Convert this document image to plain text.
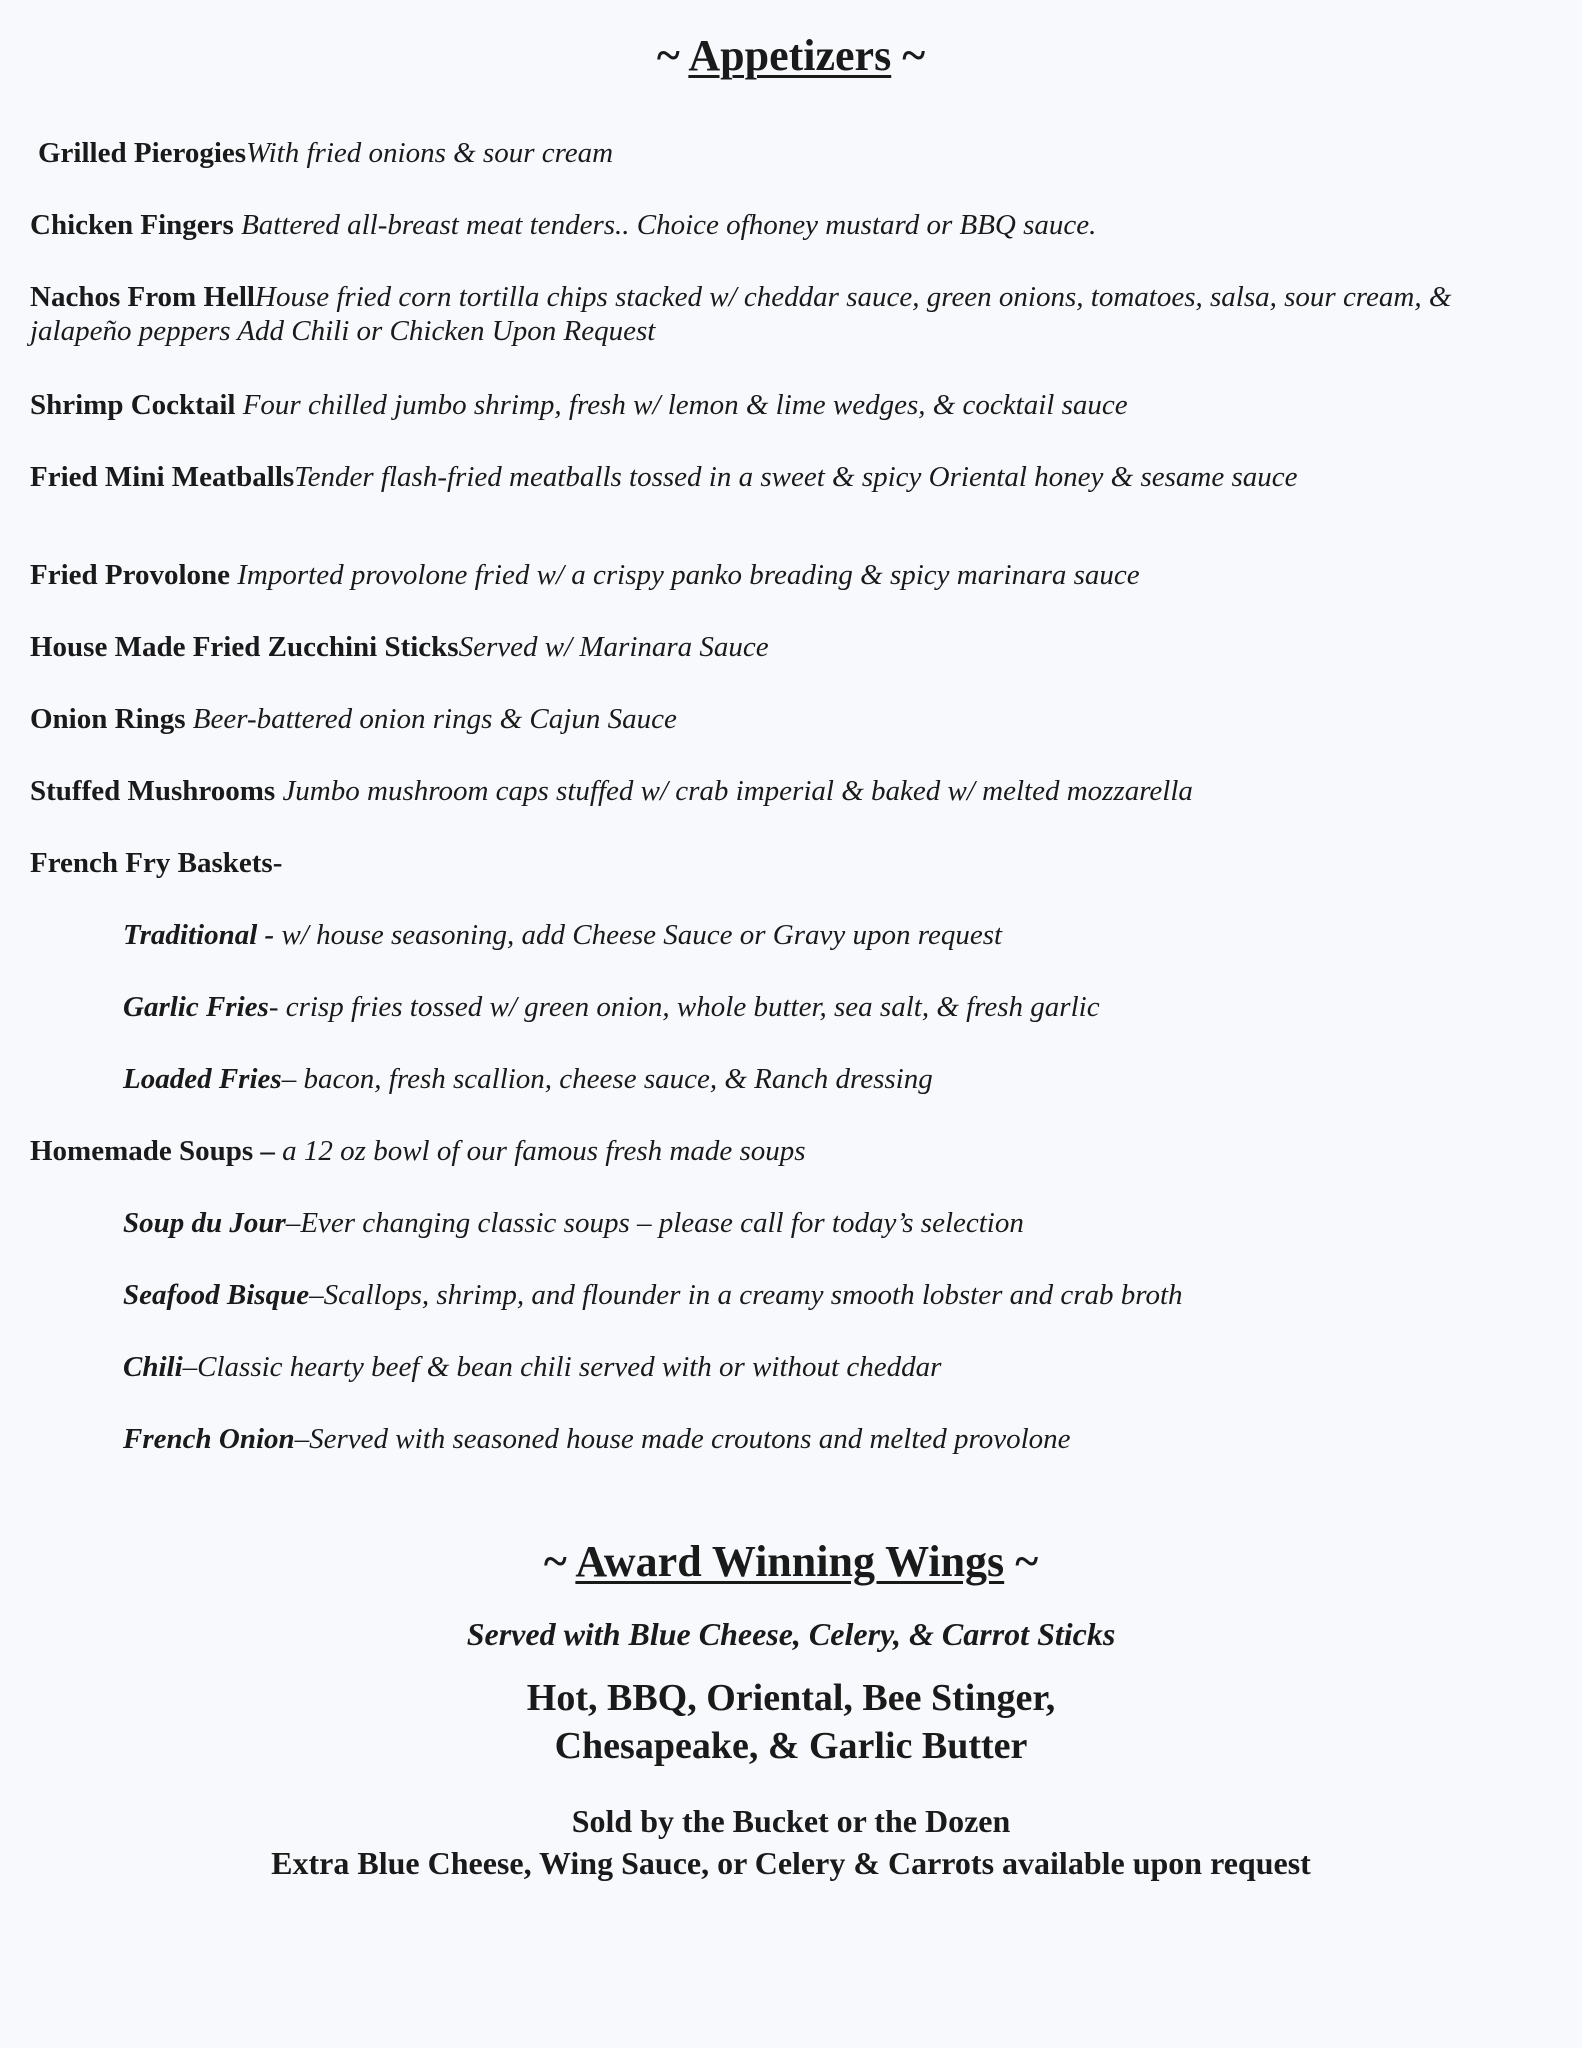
~ Appetizers ~
Grilled PierogiesWith fried onions & sour cream
Chicken Fingers Battered all-breast meat tenders.. Choice ofhoney mustard or BBQ sauce.
Nachos From HellHouse fried corn tortilla chips stacked w/ cheddar sauce, green onions, tomatoes, salsa, sour cream, & jalapeño peppers Add Chili or Chicken Upon Request
Shrimp Cocktail Four chilled jumbo shrimp, fresh w/ lemon & lime wedges, & cocktail sauce
Fried Mini MeatballsTender flash-fried meatballs tossed in a sweet & spicy Oriental honey & sesame sauce
Fried Provolone Imported provolone fried w/ a crispy panko breading & spicy marinara sauce
House Made Fried Zucchini SticksServed w/ Marinara Sauce
Onion Rings Beer-battered onion rings & Cajun Sauce
Stuffed Mushrooms Jumbo mushroom caps stuffed w/ crab imperial & baked w/ melted mozzarella
French Fry Baskets-
Traditional - w/ house seasoning, add Cheese Sauce or Gravy upon request
Garlic Fries- crisp fries tossed w/ green onion, whole butter, sea salt, & fresh garlic
Loaded Fries– bacon, fresh scallion, cheese sauce, & Ranch dressing
Homemade Soups – a 12 oz bowl of our famous fresh made soups
Soup du Jour–Ever changing classic soups – please call for today’s selection
Seafood Bisque–Scallops, shrimp, and flounder in a creamy smooth lobster and crab broth
Chili–Classic hearty beef & bean chili served with or without cheddar
French Onion–Served with seasoned house made croutons and melted provolone
~ Award Winning Wings ~
Served with Blue Cheese, Celery, & Carrot Sticks
Hot, BBQ, Oriental, Bee Stinger,
Chesapeake, & Garlic Butter
Sold by the Bucket or the Dozen
Extra Blue Cheese, Wing Sauce, or Celery & Carrots available upon request
